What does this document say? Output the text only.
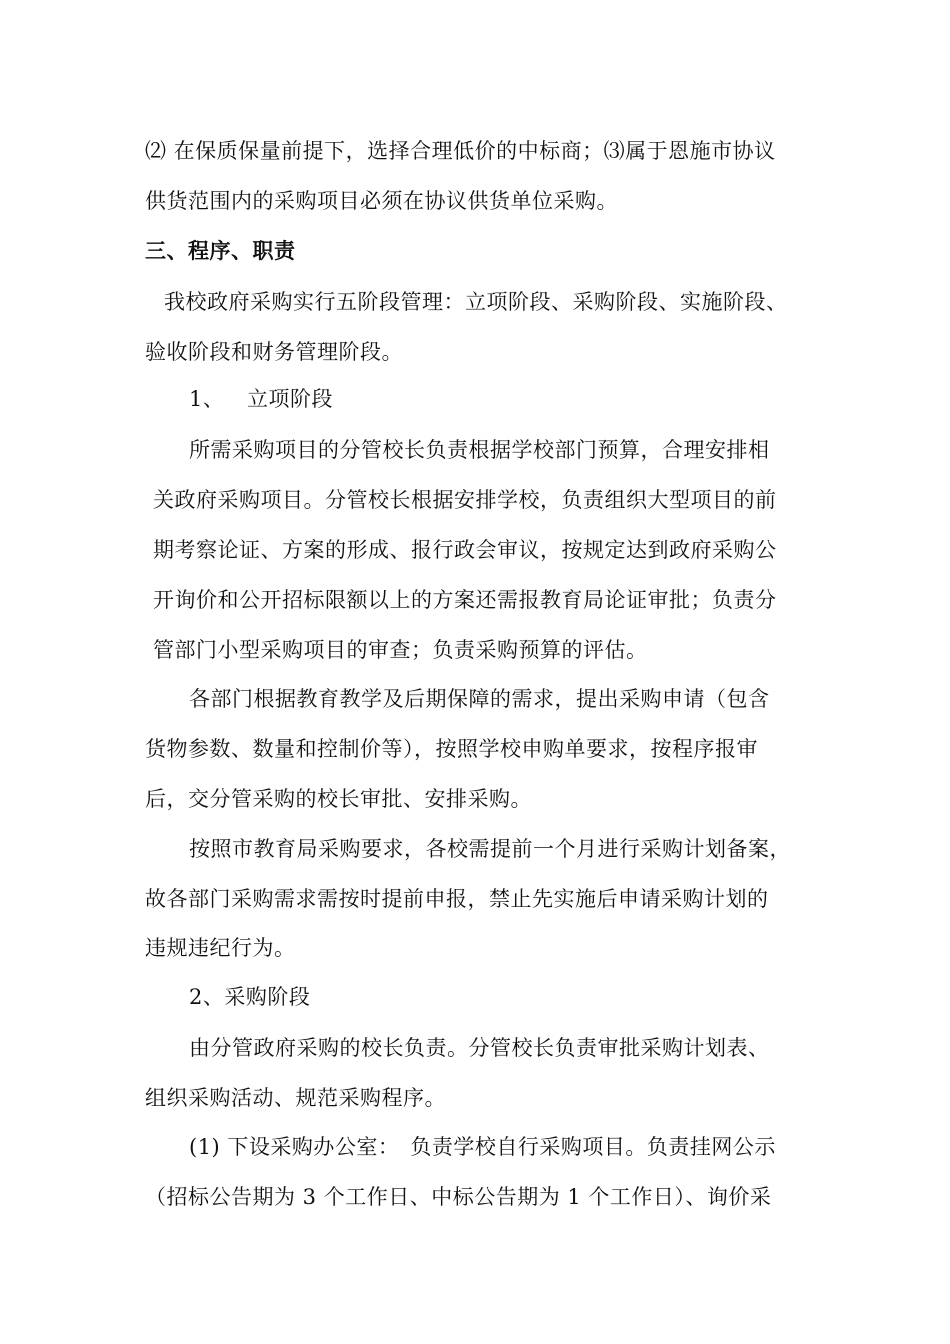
⑵ 在保质保量前提下，选择合理低价的中标商；⑶属于恩施市协议
供货范围内的采购项目必须在协议供货单位采购。
三、程序、职责
我校政府采购实行五阶段管理：立项阶段、采购阶段、实施阶段、
验收阶段和财务管理阶段。
1、 立项阶段
所需采购项目的分管校长负责根据学校部门预算，合理安排相
关政府采购项目。分管校长根据安排学校，负责组织大型项目的前
期考察论证、方案的形成、报行政会审议，按规定达到政府采购公
开询价和公开招标限额以上的方案还需报教育局论证审批；负责分
管部门小型采购项目的审查；负责采购预算的评估。
各部门根据教育教学及后期保障的需求，提出采购申请（包含
货物参数、数量和控制价等），按照学校申购单要求，按程序报审
后，交分管采购的校长审批、安排采购。
按照市教育局采购要求，各校需提前一个月进行采购计划备案，
故各部门采购需求需按时提前申报，禁止先实施后申请采购计划的
违规违纪行为。
2、采购阶段
由分管政府采购的校长负责。分管校长负责审批采购计划表、
组织采购活动、规范采购程序。
(1) 下设采购办公室：　负责学校自行采购项目。负责挂网公示
（招标公告期为 3 个工作日、中标公告期为 1 个工作日）、询价采
